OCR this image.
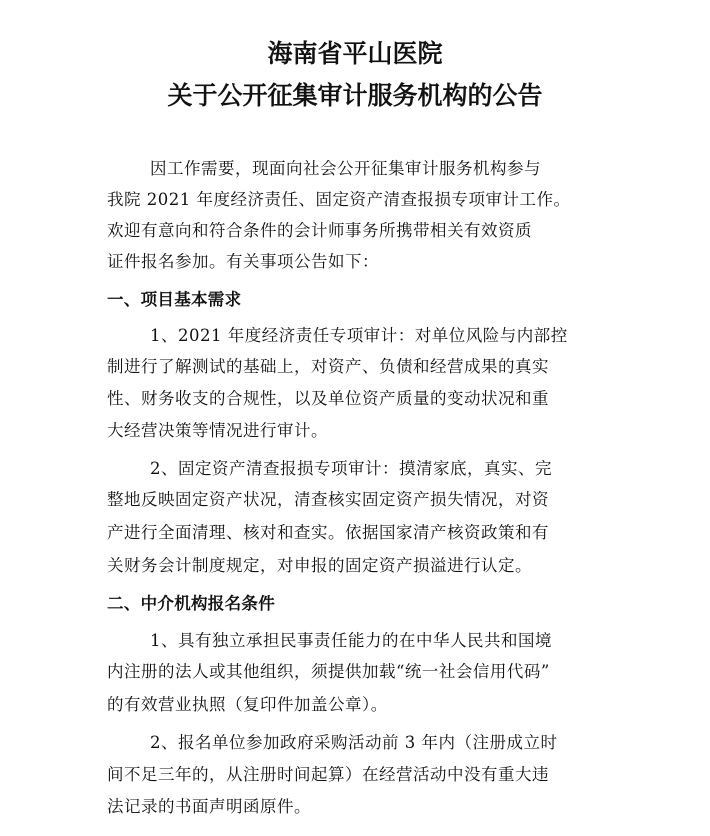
海南省平山医院
关于公开征集审计服务机构的公告
因工作需要，现面向社会公开征集审计服务机构参与
我院 2021 年度经济责任、固定资产清查报损专项审计工作。
欢迎有意向和符合条件的会计师事务所携带相关有效资质
证件报名参加。有关事项公告如下：
一、项目基本需求
1、2021 年度经济责任专项审计：对单位风险与内部控
制进行了解测试的基础上，对资产、负债和经营成果的真实
性、财务收支的合规性，以及单位资产质量的变动状况和重
大经营决策等情况进行审计。
2、固定资产清查报损专项审计：摸清家底，真实、完
整地反映固定资产状况，清查核实固定资产损失情况，对资
产进行全面清理、核对和查实。依据国家清产核资政策和有
关财务会计制度规定，对申报的固定资产损溢进行认定。
二、中介机构报名条件
1、具有独立承担民事责任能力的在中华人民共和国境
内注册的法人或其他组织，须提供加载“统一社会信用代码”
的有效营业执照（复印件加盖公章）。
2、报名单位参加政府采购活动前 3 年内（注册成立时
间不足三年的，从注册时间起算）在经营活动中没有重大违
法记录的书面声明函原件。
